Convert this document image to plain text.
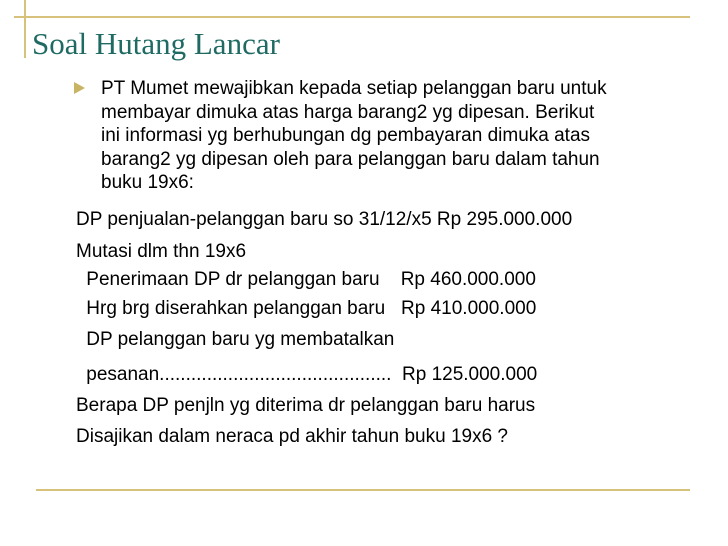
Soal Hutang Lancar
PT Mumet mewajibkan kepada setiap pelanggan baru untuk
membayar dimuka atas harga barang2 yg dipesan. Berikut
ini informasi yg berhubungan dg pembayaran dimuka atas
barang2 yg dipesan oleh para pelanggan baru dalam tahun
buku 19x6:
DP penjualan-pelanggan baru so 31/12/x5 Rp 295.000.000
Mutasi dlm thn 19x6
Penerimaan DP dr pelanggan baru    Rp 460.000.000
Hrg brg diserahkan pelanggan baru   Rp 410.000.000
DP pelanggan baru yg membatalkan
pesanan............................................  Rp 125.000.000
Berapa DP penjln yg diterima dr pelanggan baru harus
Disajikan dalam neraca pd akhir tahun buku 19x6 ?
